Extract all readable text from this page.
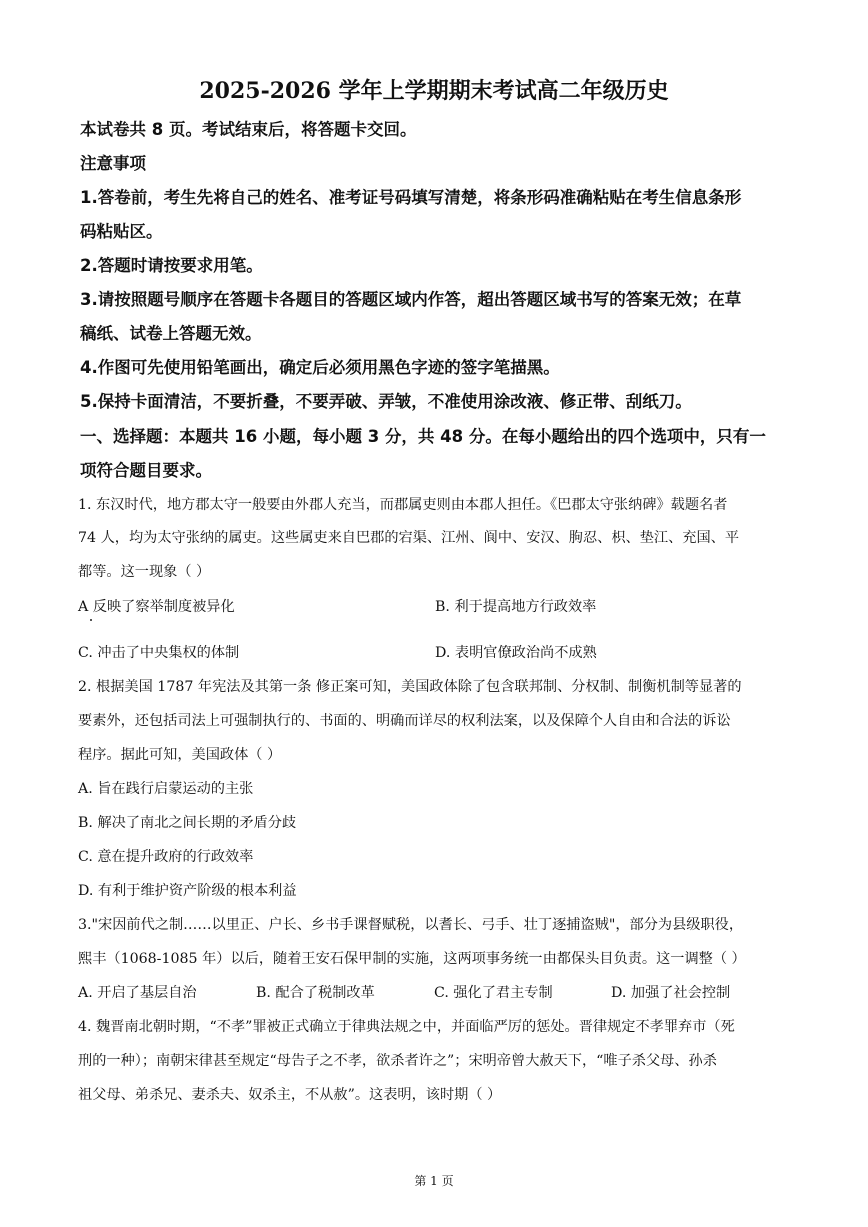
2025-2026 学年上学期期末考试高二年级历史
本试卷共 8 页。考试结束后，将答题卡交回。
注意事项
1.答卷前，考生先将自己的姓名、准考证号码填写清楚，将条形码准确粘贴在考生信息条形
码粘贴区。
2.答题时请按要求用笔。
3.请按照题号顺序在答题卡各题目的答题区域内作答，超出答题区域书写的答案无效；在草
稿纸、试卷上答题无效。
4.作图可先使用铅笔画出，确定后必须用黑色字迹的签字笔描黑。
5.保持卡面清洁，不要折叠，不要弄破、弄皱，不准使用涂改液、修正带、刮纸刀。
一、选择题：本题共 16 小题，每小题 3 分，共 48 分。在每小题给出的四个选项中，只有一
项符合题目要求。
1. 东汉时代，地方郡太守一般要由外郡人充当，而郡属吏则由本郡人担任。《巴郡太守张纳碑》载题名者
74 人，均为太守张纳的属吏。这些属吏来自巴郡的宕渠、江州、阆中、安汉、朐忍、枳、垫江、充国、平
都等。这一现象（ ）
A 反映了察举制度被异化	B. 利于提高地方行政效率
C. 冲击了中央集权的体制	D. 表明官僚政治尚不成熟
2. 根据美国 1787 年宪法及其第一条 修正案可知，美国政体除了包含联邦制、分权制、制衡机制等显著的
要素外，还包括司法上可强制执行的、书面的、明确而详尽的权利法案，以及保障个人自由和合法的诉讼
程序。据此可知，美国政体（ ）
A. 旨在践行启蒙运动的主张
B. 解决了南北之间长期的矛盾分歧
C. 意在提升政府的行政效率
D. 有利于维护资产阶级的根本利益
3."宋因前代之制……以里正、户长、乡书手课督赋税，以耆长、弓手、壮丁逐捕盗贼"，部分为县级职役，
熙丰（1068-1085 年）以后，随着王安石保甲制的实施，这两项事务统一由都保头目负责。这一调整（ ）
A. 开启了基层自治	B. 配合了税制改革	C. 强化了君主专制	D. 加强了社会控制
4. 魏晋南北朝时期，“不孝”罪被正式确立于律典法规之中，并面临严厉的惩处。晋律规定不孝罪弃市（死
刑的一种）；南朝宋律甚至规定“母告子之不孝，欲杀者许之”；宋明帝曾大赦天下，“唯子杀父母、孙杀
祖父母、弟杀兄、妻杀夫、奴杀主，不从赦”。这表明，该时期（ ）
第 1 页
